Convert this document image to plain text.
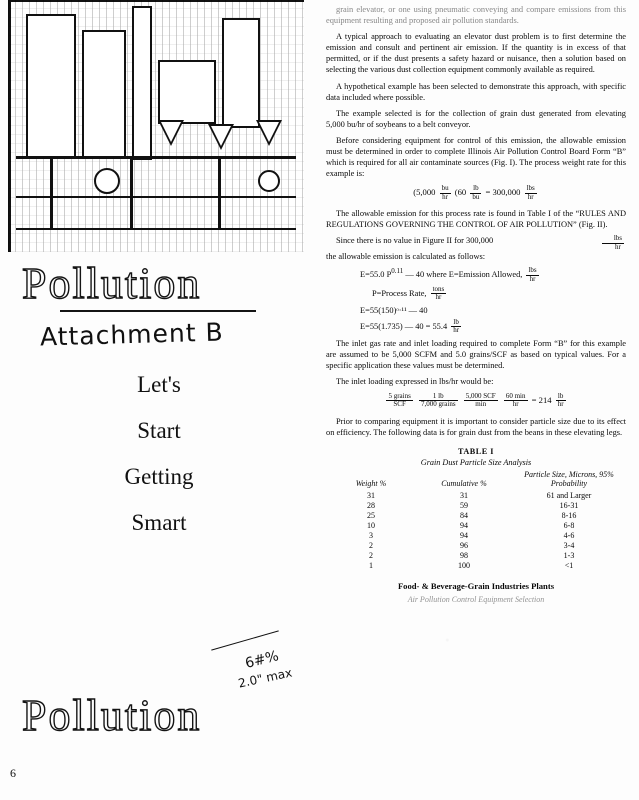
Pollution
Attachment B
Let's
Start
Getting
Smart
6#%
2.0" max
Pollution
6

grain elevator, or one using pneumatic conveying and compare emissions from this equipment resulting and proposed air pollution standards.

A typical approach to evaluating an elevator dust problem is to first determine the emission and consult and pertinent air emission. If the quantity is in excess of that permitted, or if the dust presents a safety hazard or nuisance, then a solution based on selecting the various dust collection equipment commonly available as required.

A hypothetical example has been selected to demonstrate this approach, with specific data included where possible.

The example selected is for the collection of grain dust generated from elevating 5,000 bu/hr of soybeans to a belt conveyor.

Before considering equipment for control of this emission, the allowable emission must be determined in order to complete Illinois Air Pollution Control Board Form “B” which is required for all air contaminate sources (Fig. I). The process weight rate for this example is:

($5,000 \frac{bu}{hr} (60 \frac{lb}{bu} = 300,000 \frac{\text{lbs}}{hr}$

The allowable emission for this process rate is found in Table I of the “RULES AND REGULATIONS GOVERNING THE CONTROL OF AIR POLLUTION” (Fig. II).

lbs
hr
Since there is no value in Figure II for 300,000

the allowable emission is calculated as follows:

E=55.0 $P^{0.11}$ — 40 where E=Emission Allowed, $\frac{\text{lbs}}{hr}$
P=Process Rate, $\frac{\text{tons}}{hr}$
E=55(150)ᵒ·¹¹ — 40
E=55(1.735) — $40 = 55.4 \frac{lb}{hr}$

The inlet gas rate and inlet loading required to complete Form “B” for this example are assumed to be 5,000 SCFM and 5.0 grains/SCF as based on typical values. For a specific application these values must be determined.

The inlet loading expressed in lbs/hr would be:

$\frac{\text{5 grains}}{\text{SCF}}$
$\frac{1 lb}{\text{7,000 grains}}$
$\frac{\text{5,000 SCF}}{\min}$
$\frac{60 \min}{hr} = 214 \frac{lb}{hr}$

Prior to comparing equipment it is important to consider particle size due to its effect on efficiency. The following data is for grain dust from the beans in these elevating legs.

TABLE I
Grain Dust Particle Size Analysis
Weight %	Cumulative %	Particle Size, Microns, 95% Probability
31	31	61 and Larger
28	59	16-31
25	84	8-16
10	94	6-8
3	94	4-6
2	96	3-4
2	98	1-3
1	100	<1
Food- & Beverage-Grain Industries Plants
Air Pollution Control Equipment Selection
